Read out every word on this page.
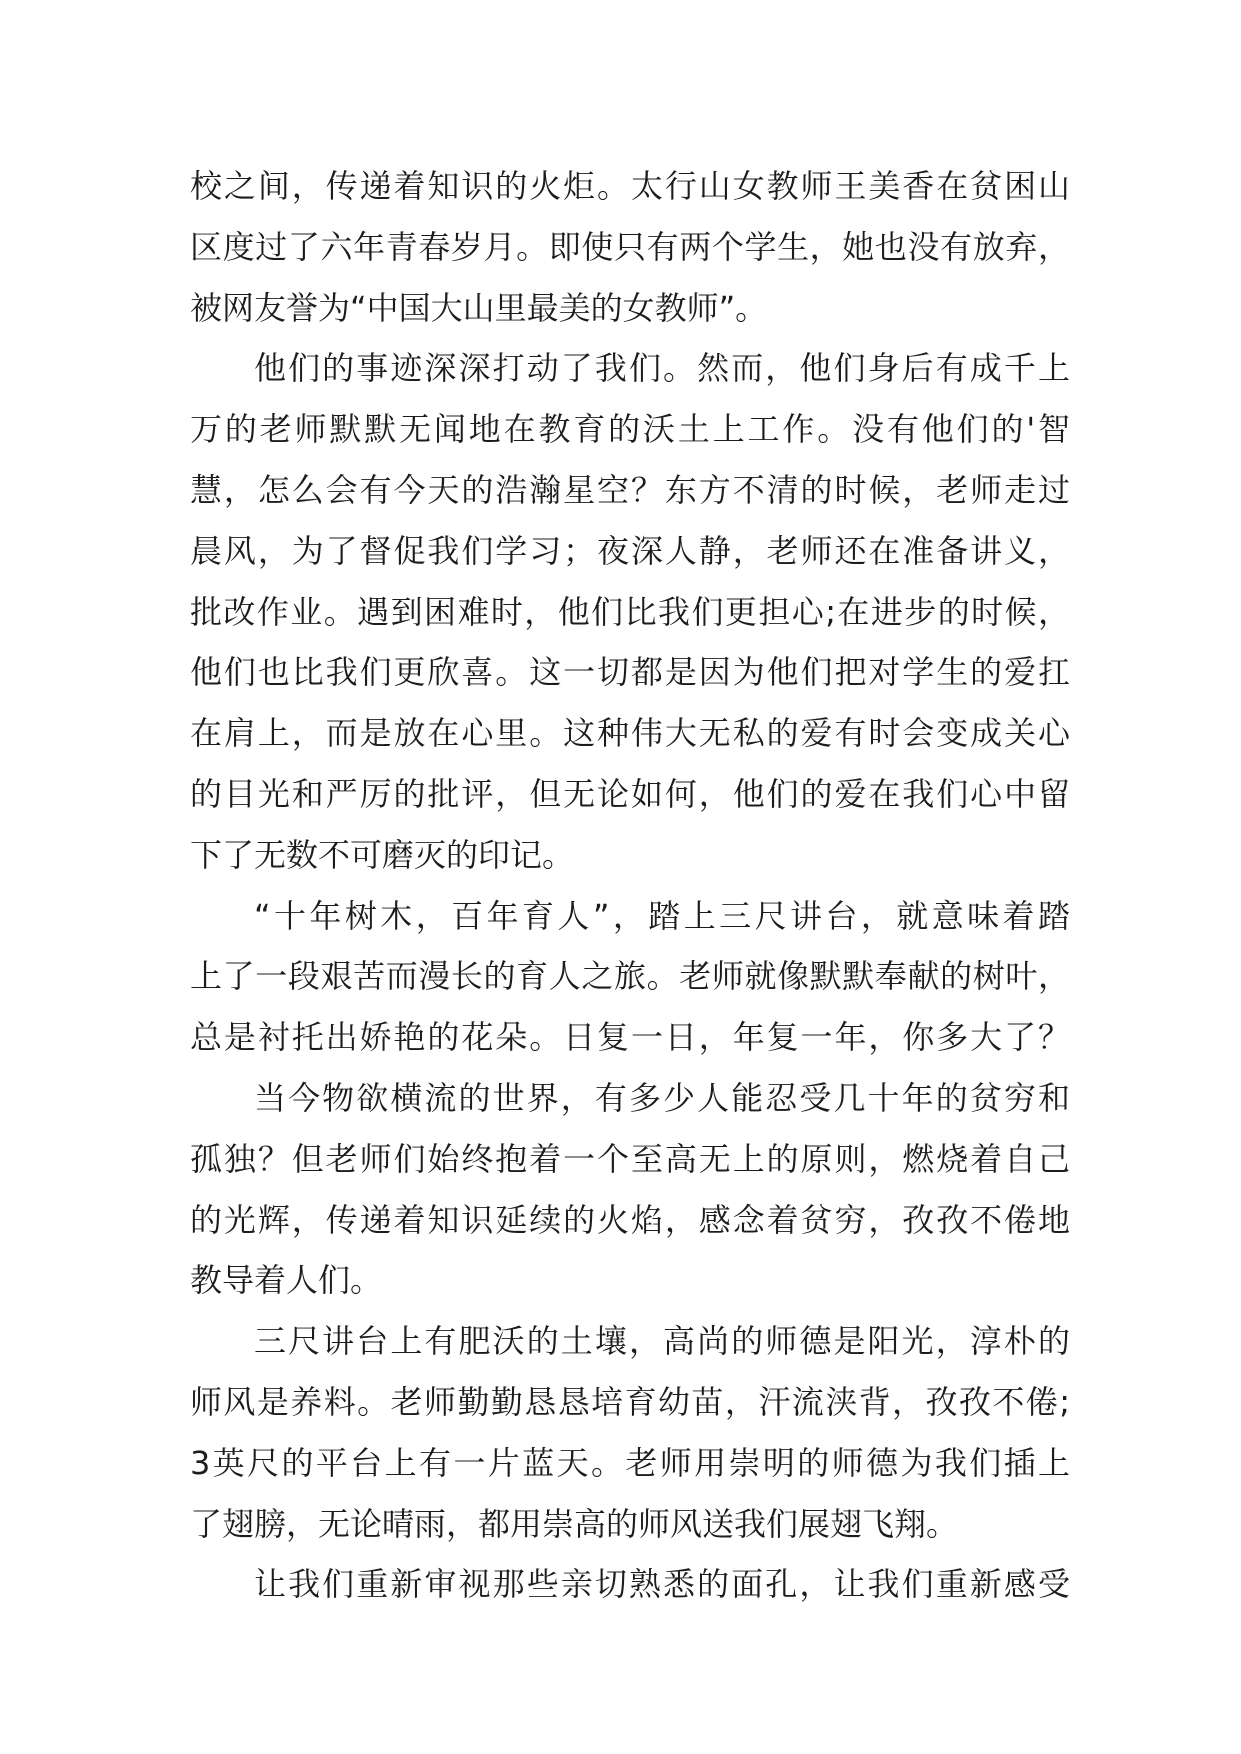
校之间，传递着知识的火炬。太行山女教师王美香在贫困山
区度过了六年青春岁月。即使只有两个学生，她也没有放弃，
被网友誉为“中国大山里最美的女教师”。
他们的事迹深深打动了我们。然而，他们身后有成千上
万的老师默默无闻地在教育的沃土上工作。没有他们的'智
慧，怎么会有今天的浩瀚星空？东方不清的时候，老师走过
晨风，为了督促我们学习；夜深人静，老师还在准备讲义，
批改作业。遇到困难时，他们比我们更担心;在进步的时候，
他们也比我们更欣喜。这一切都是因为他们把对学生的爱扛
在肩上，而是放在心里。这种伟大无私的爱有时会变成关心
的目光和严厉的批评，但无论如何，他们的爱在我们心中留
下了无数不可磨灭的印记。
“十年树木，百年育人”，踏上三尺讲台，就意味着踏
上了一段艰苦而漫长的育人之旅。老师就像默默奉献的树叶，
总是衬托出娇艳的花朵。日复一日，年复一年，你多大了？
当今物欲横流的世界，有多少人能忍受几十年的贫穷和
孤独？但老师们始终抱着一个至高无上的原则，燃烧着自己
的光辉，传递着知识延续的火焰，感念着贫穷，孜孜不倦地
教导着人们。
三尺讲台上有肥沃的土壤，高尚的师德是阳光，淳朴的
师风是养料。老师勤勤恳恳培育幼苗，汗流浃背，孜孜不倦;
3英尺的平台上有一片蓝天。老师用崇明的师德为我们插上
了翅膀，无论晴雨，都用崇高的师风送我们展翅飞翔。
让我们重新审视那些亲切熟悉的面孔，让我们重新感受
